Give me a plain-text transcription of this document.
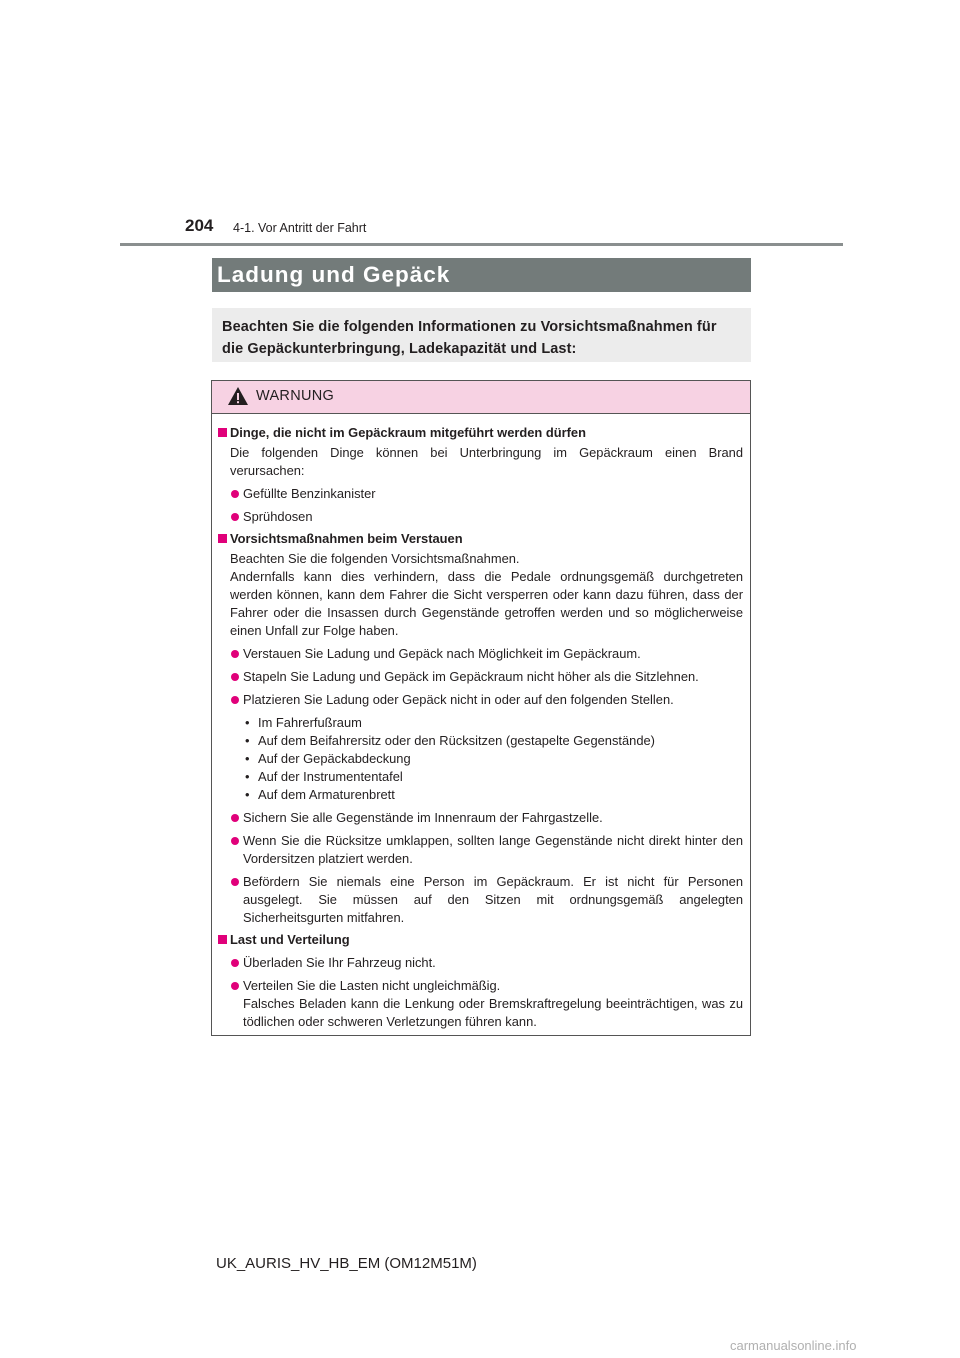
204 4-1. Vor Antritt der Fahrt
Ladung und Gepäck
Beachten Sie die folgenden Informationen zu Vorsichtsmaßnahmen für die Gepäckunterbringung, Ladekapazität und Last:
WARNUNG
Dinge, die nicht im Gepäckraum mitgeführt werden dürfen
Die folgenden Dinge können bei Unterbringung im Gepäckraum einen Brand verursachen:
Gefüllte Benzinkanister
Sprühdosen
Vorsichtsmaßnahmen beim Verstauen
Beachten Sie die folgenden Vorsichtsmaßnahmen.
Andernfalls kann dies verhindern, dass die Pedale ordnungsgemäß durchgetreten werden können, kann dem Fahrer die Sicht versperren oder kann dazu führen, dass der Fahrer oder die Insassen durch Gegenstände getroffen werden und so möglicherweise einen Unfall zur Folge haben.
Verstauen Sie Ladung und Gepäck nach Möglichkeit im Gepäckraum.
Stapeln Sie Ladung und Gepäck im Gepäckraum nicht höher als die Sitzlehnen.
Platzieren Sie Ladung oder Gepäck nicht in oder auf den folgenden Stellen.
• Im Fahrerfußraum
• Auf dem Beifahrersitz oder den Rücksitzen (gestapelte Gegenstände)
• Auf der Gepäckabdeckung
• Auf der Instrumententafel
• Auf dem Armaturenbrett
Sichern Sie alle Gegenstände im Innenraum der Fahrgastzelle.
Wenn Sie die Rücksitze umklappen, sollten lange Gegenstände nicht direkt hinter den Vordersitzen platziert werden.
Befördern Sie niemals eine Person im Gepäckraum. Er ist nicht für Personen ausgelegt. Sie müssen auf den Sitzen mit ordnungsgemäß angelegten Sicherheitsgurten mitfahren.
Last und Verteilung
Überladen Sie Ihr Fahrzeug nicht.
Verteilen Sie die Lasten nicht ungleichmäßig.
Falsches Beladen kann die Lenkung oder Bremskraftregelung beeinträchtigen, was zu tödlichen oder schweren Verletzungen führen kann.
UK_AURIS_HV_HB_EM (OM12M51M)
carmanualsonline.info
